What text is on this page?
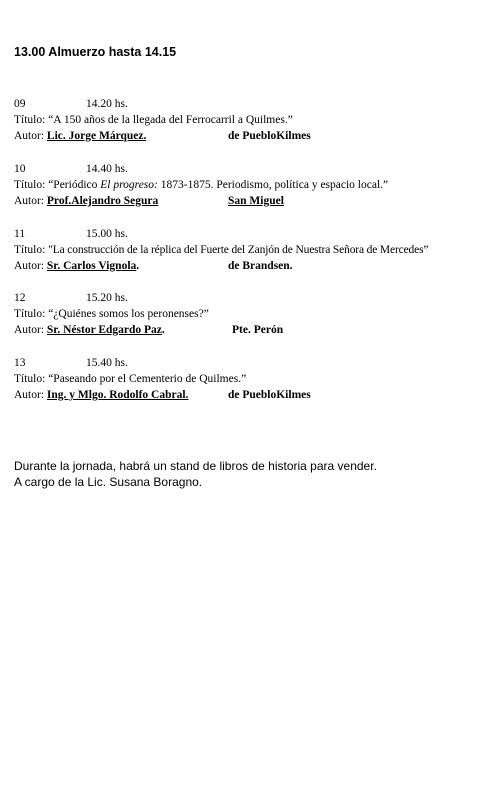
13.00 Almuerzo hasta 14.15
09	14.20 hs.
Título: “A 150 años de la llegada del Ferrocarril a Quilmes.”
Autor: Lic. Jorge Márquez.	de PuebloKilmes
10	14.40 hs.
Título: “Periódico El progreso: 1873-1875. Periodismo, política y espacio local.”
Autor: Prof.Alejandro Segura	San Miguel
11	15.00 hs.
Título: "La construcción de la réplica del Fuerte del Zanjón de Nuestra Señora de Mercedes”
Autor: Sr. Carlos Vignola.	de Brandsen.
12	15.20 hs.
Título: “¿Quiénes somos los peronenses?”
Autor: Sr. Néstor Edgardo Paz.	Pte. Perón
13	15.40 hs.
Título: “Paseando por el Cementerio de Quilmes.”
Autor: Ing. y Mlgo. Rodolfo Cabral.	de PuebloKilmes
Durante la jornada, habrá un stand de libros de historia para vender.
A cargo de la Lic. Susana Boragno.
